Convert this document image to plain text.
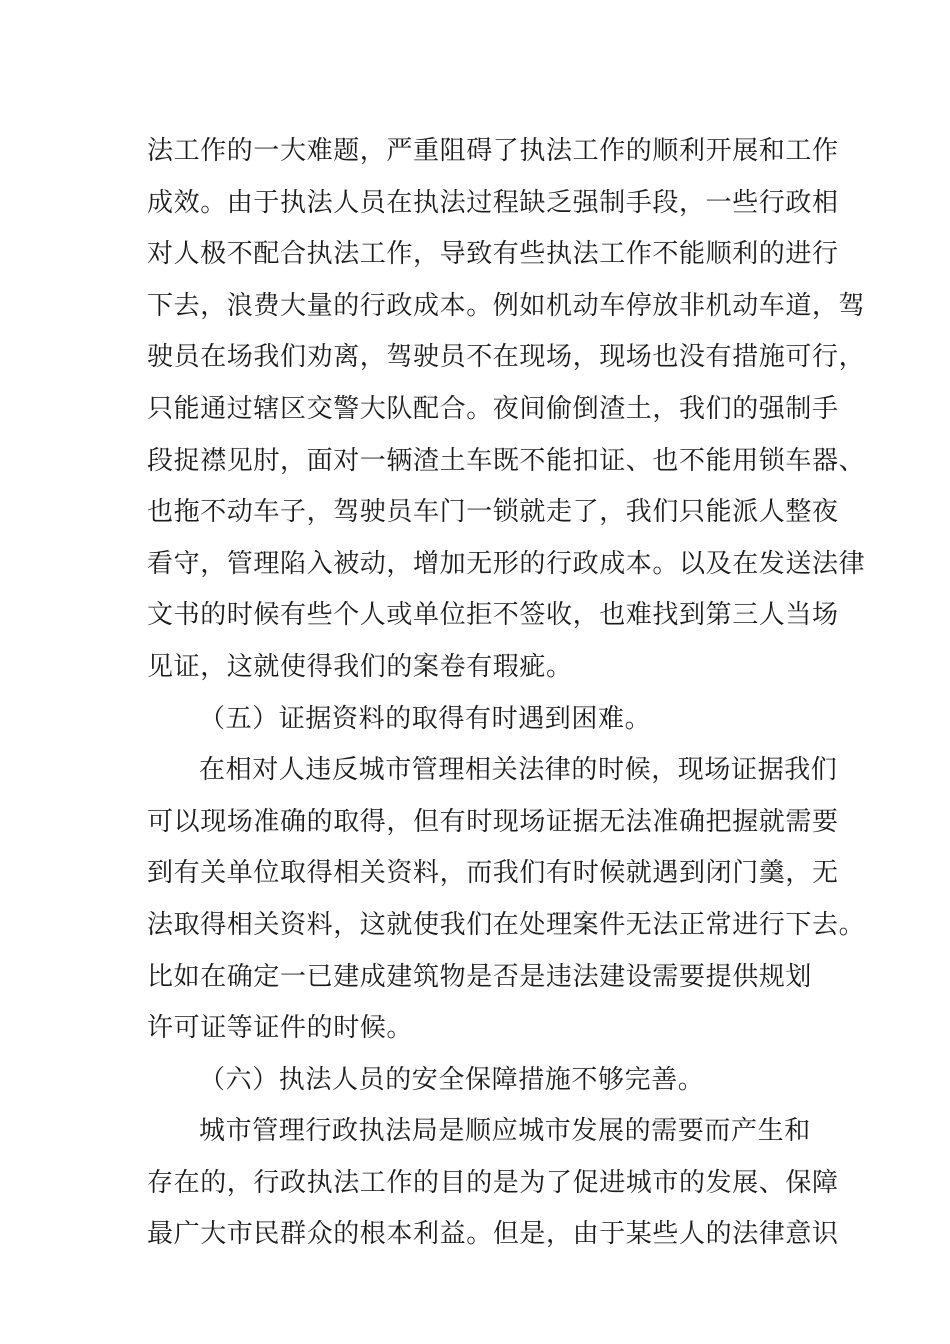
法工作的一大难题，严重阻碍了执法工作的顺利开展和工作
成效。由于执法人员在执法过程缺乏强制手段，一些行政相
对人极不配合执法工作，导致有些执法工作不能顺利的进行
下去，浪费大量的行政成本。例如机动车停放非机动车道，驾
驶员在场我们劝离，驾驶员不在现场，现场也没有措施可行，
只能通过辖区交警大队配合。夜间偷倒渣土，我们的强制手
段捉襟见肘，面对一辆渣土车既不能扣证、也不能用锁车器、
也拖不动车子，驾驶员车门一锁就走了，我们只能派人整夜
看守，管理陷入被动，增加无形的行政成本。以及在发送法律
文书的时候有些个人或单位拒不签收，也难找到第三人当场
见证，这就使得我们的案卷有瑕疵。
（五）证据资料的取得有时遇到困难。
在相对人违反城市管理相关法律的时候，现场证据我们
可以现场准确的取得，但有时现场证据无法准确把握就需要
到有关单位取得相关资料，而我们有时候就遇到闭门羹，无
法取得相关资料，这就使我们在处理案件无法正常进行下去。
比如在确定一已建成建筑物是否是违法建设需要提供规划
许可证等证件的时候。
（六）执法人员的安全保障措施不够完善。
城市管理行政执法局是顺应城市发展的需要而产生和
存在的，行政执法工作的目的是为了促进城市的发展、保障
最广大市民群众的根本利益。但是，由于某些人的法律意识
